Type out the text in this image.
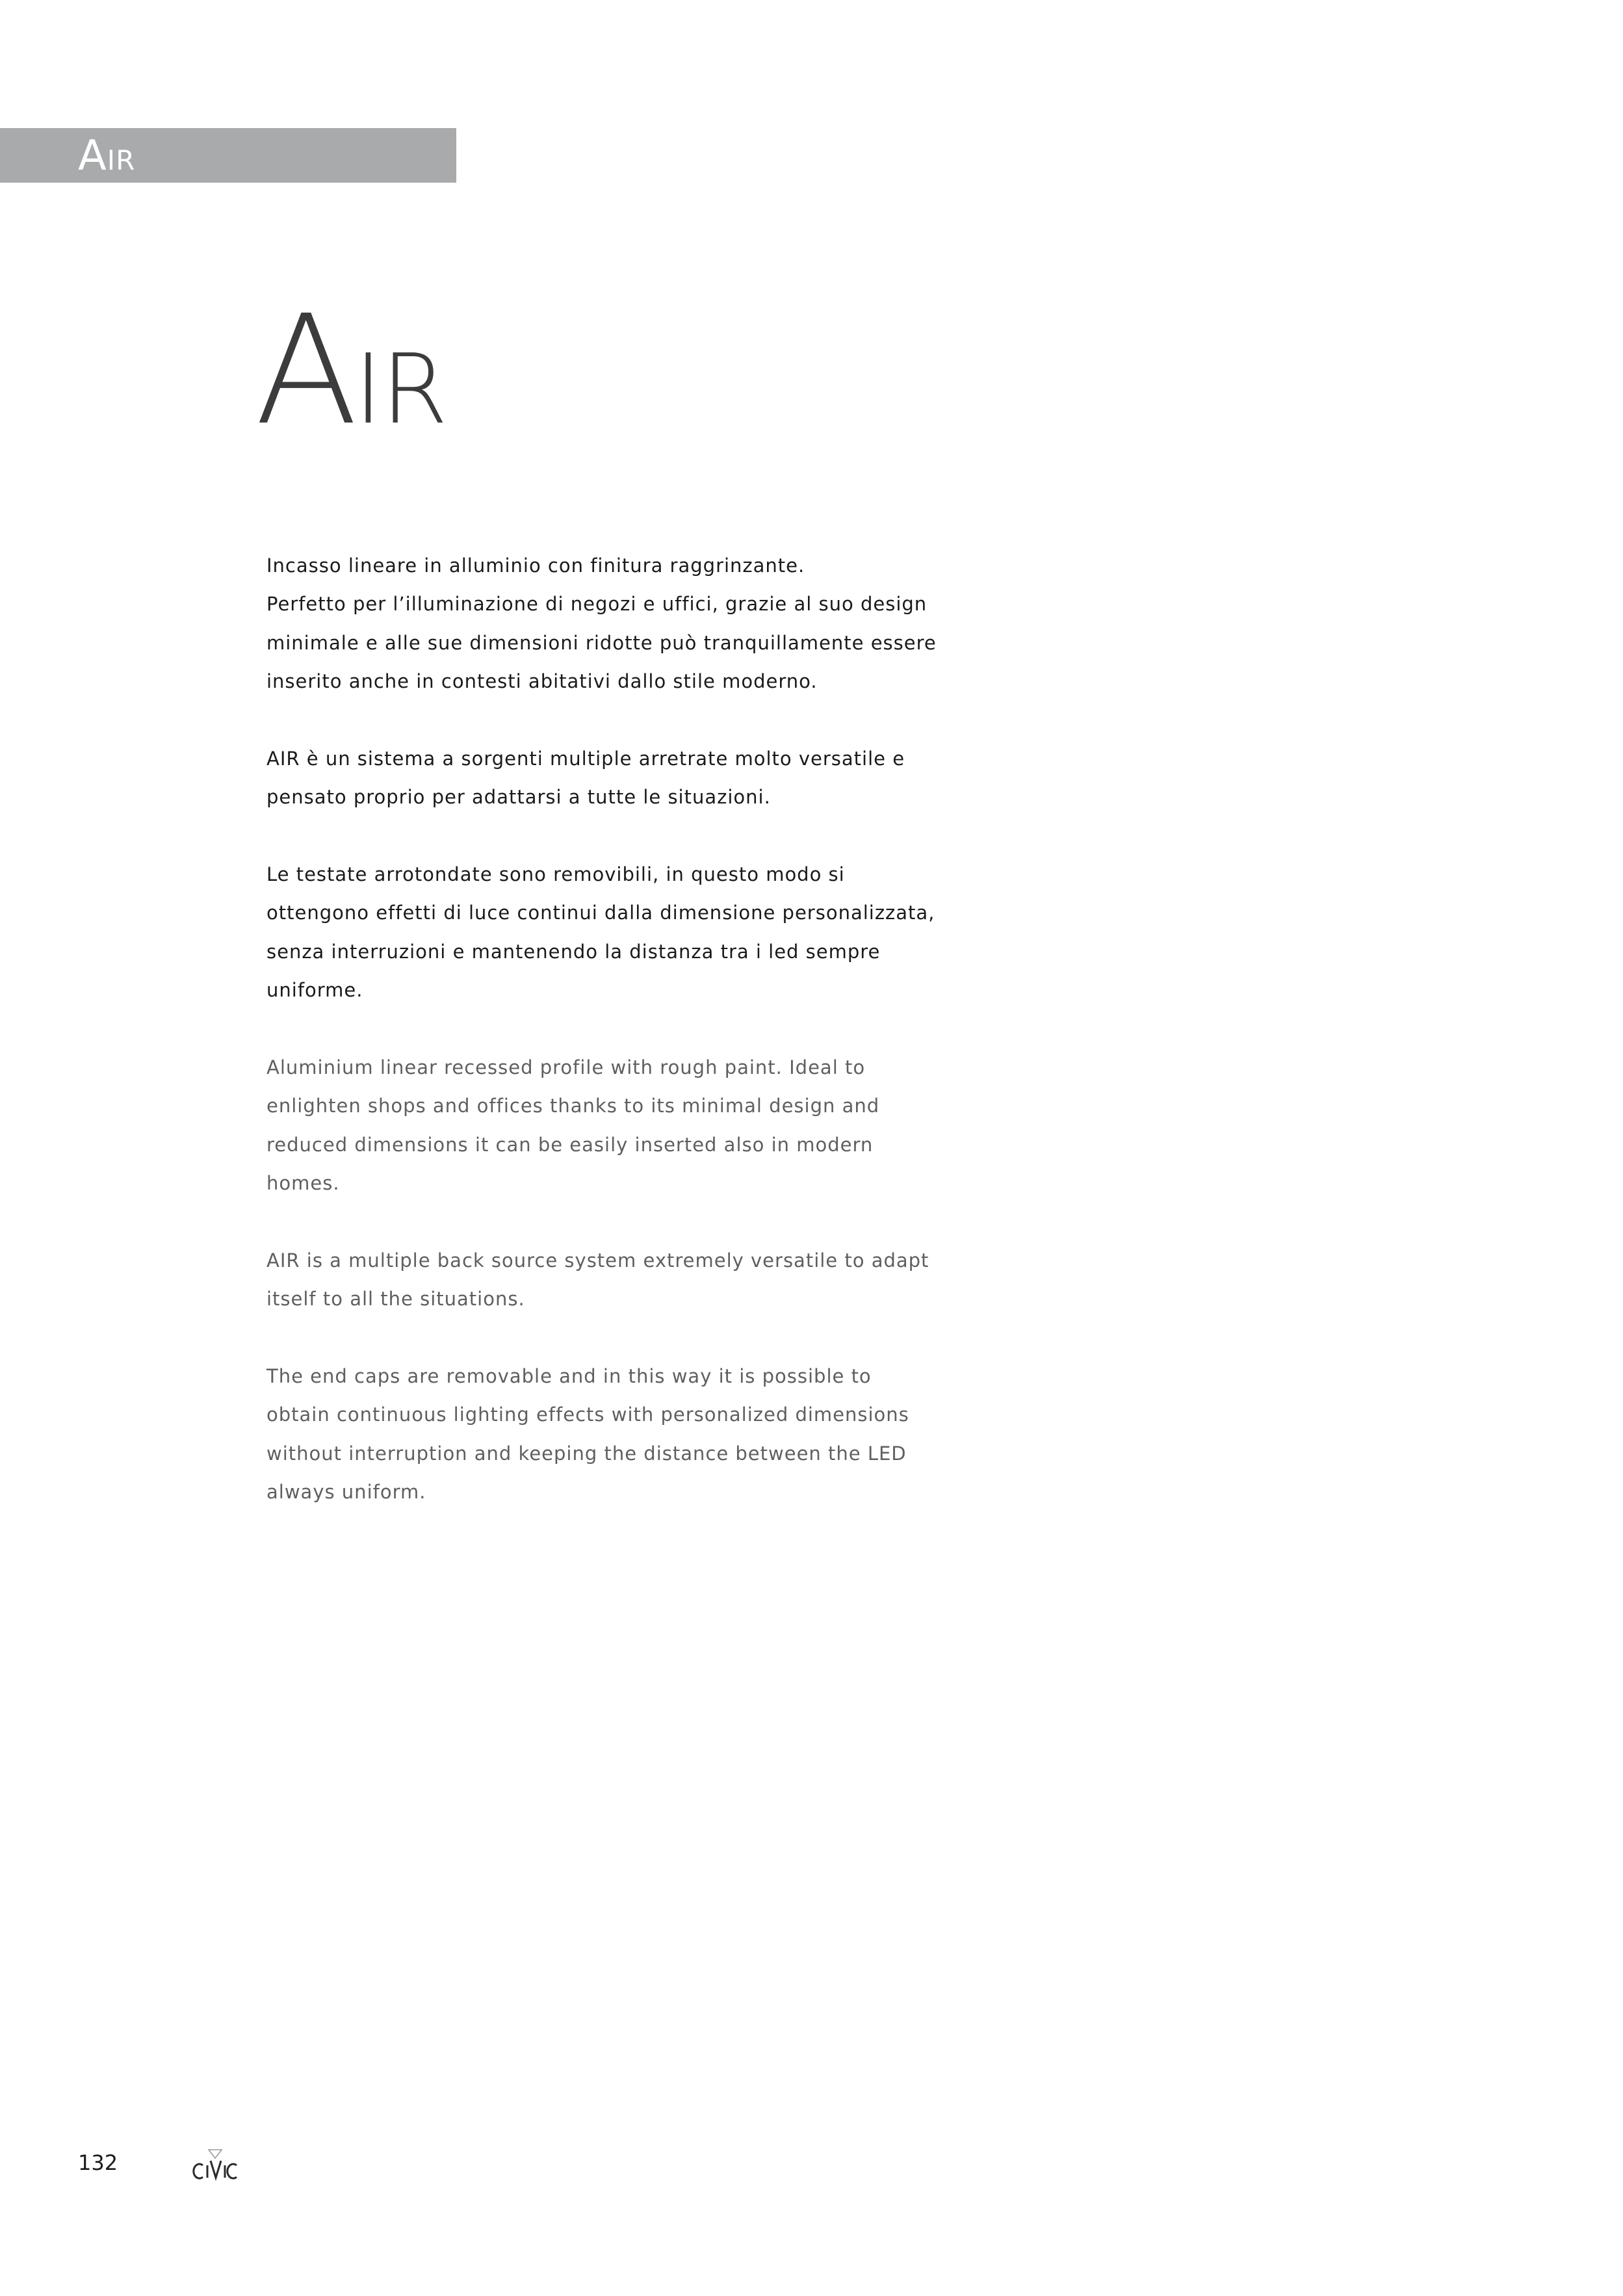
AIR
AIR

Incasso lineare in alluminio con finitura raggrinzante.

Perfetto per l’illuminazione di negozi e uffici, grazie al suo design

minimale e alle sue dimensioni ridotte può tranquillamente essere

inserito anche in contesti abitativi dallo stile moderno.

AIR è un sistema a sorgenti multiple arretrate molto versatile e

pensato proprio per adattarsi a tutte le situazioni.

Le testate arrotondate sono removibili, in questo modo si

ottengono effetti di luce continui dalla dimensione personalizzata,

senza interruzioni e mantenendo la distanza tra i led sempre

uniforme.

Aluminium linear recessed profile with rough paint. Ideal to

enlighten shops and offices thanks to its minimal design and

reduced dimensions it can be easily inserted also in modern

homes.

AIR is a multiple back source system extremely versatile to adapt

itself to all the situations.

The end caps are removable and in this way it is possible to

obtain continuous lighting effects with personalized dimensions

without interruption and keeping the distance between the LED

always uniform.

132
